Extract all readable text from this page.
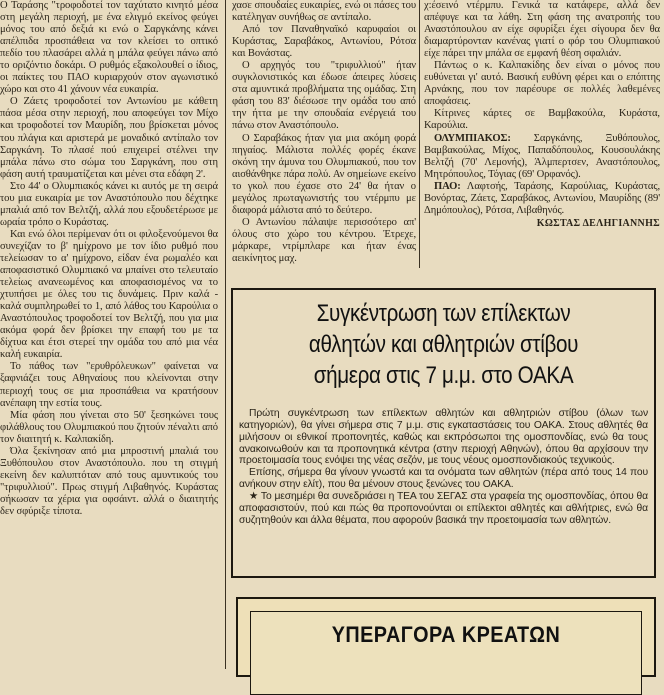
Ο Ταράσης "τροφοδοτεί τον ταχύτατο κινητό μέσα στη μεγάλη περιοχή, με ένα ελιγμό εκείνος φεύγει μόνος του από δεξιά κι ενώ ο Σαργκάνης κάνει απέλπιδα προσπάθεια να τον κλείσει το οπτικό πεδίο του πλασάρει αλλά η μπάλα φεύγει πάνω από το οριζόντιο δοκάρι. Ο ρυθμός εξακολουθεί ο ίδιος, οι παίκτες του ΠΑΟ κυριαρχούν στον αγωνιστικό χώρο και στο 41 χάνουν νέα ευκαιρία.

Ο Ζάετς τροφοδοτεί τον Αντωνίου με κάθετη πάσα μέσα στην περιοχή, που αποφεύγει τον Μίχο και τροφοδοτεί τον Μαυρίδη, που βρίσκεται μόνος του πλάγια και αριστερά με μοναδικό αντίπαλο τον Σαργκάνη. Το πλασέ πού επιχειρεί στέλνει την μπάλα πάνω στο σώμα του Σαργκάνη, που στη φάση αυτή τραυματίζεται και μένει στα εδάφη 2'.

Στο 44' ο Ολυμπιακός κάνει κι αυτός με τη σειρά του μια ευκαιρία με τον Αναστόπουλο που δέχτηκε μπαλιά από τον Βελτζή, αλλά που εξουδετέρωσε με ωραία τρόπο ο Κυράστας.

Και ενώ όλοι περίμεναν ότι οι φιλοξενούμενοι θα συνεχίζαν το β' ημίχρονο με τον ίδιο ρυθμό που τελείωσαν το α' ημίχρονο, είδαν ένα ρωμαλέο και αποφασιστικό Ολυμπιακό να μπαίνει στο τελευταίο τελείως ανανεωμένος και αποφασισμένος να το χτυπήσει με όλες του τις δυνάμεις. Πριν καλά - καλά συμπληρωθεί το 1, από λάθος του Καρούλια ο Αναστόπουλος τροφοδοτεί τον Βελτζή, που για μια ακόμα φορά δεν βρίσκει την επαφή του με τα δίχτυα και έτσι στερεί την ομάδα του από μια νέα καλή ευκαιρία.

Το πάθος των "ερυθρόλευκων" φαίνεται να ξαφνιάζει τους Αθηναίους που κλείνονται στην περιοχή τους σε μια προσπάθεια να κρατήσουν ανέπαφη την εστία τους.

Μία φάση που γίνεται στο 50' ξεσηκώνει τους φιλάθλους του Ολυμπιακού που ζητούν πέναλτι από τον διαιτητή κ. Καλπακίδη.

Όλα ξεκίνησαν από μια μπροστινή μπαλιά του Ξυθόπουλου στον Αναστόπουλο. που τη στιγμή εκείνη δεν καλυπτόταν από τους αμυντικούς του "τριφυλλιού". Πρως στιγμή Λιβαθηνός. Κυράστας σήκωσαν τα χέρια για οφσάιντ. αλλά ο διαιτητής δεν σφύριξε τίποτα.

χασε σπουδαίες ευκαιρίες, ενώ οι πάσες του κατέληγαν συνήθως σε αντίπαλο.

Από τον Παναθηναϊκό καρυφαίοι οι Κυράστας, Σαραβάκος, Αντωνίου, Ρότσα και Βονάστας.

Ο αρχηγός του "τριφυλλιού" ήταν συγκλονιστικός και έδωσε άπειρες λύσεις στα αμυντικά προβλήματα της ομάδας. Στη φάση του 83' διέσωσε την ομάδα του από την ήττα με την σπουδαία ενέργειά του πάνω στον Αναστόπουλο.

Ο Σαραβάκος ήταν για μια ακόμη φορά πηγαίος. Μάλιστα πολλές φορές έκανε σκόνη την άμυνα του Ολυμπιακού, που τον αισθάνθηκε πάρα πολύ. Αν σημείωνε εκείνο το γκολ που έχασε στο 24' θα ήταν ο μεγάλος πρωταγωνιστής του ντέρμπυ με διαφορά μάλιστα από το δεύτερο.

Ο Αντωνίου πάλαιψε περισσότερο απ' όλους στο χώρο του κέντρου. Έτρεχε, μάρκαρε, ντρίμπλαρε και ήταν ένας αεικίνητος μαχ.

χ:έσεινό ντέρμπυ. Γενικά τα κατάφερε, αλλά δεν απέφυγε και τα λάθη. Στη φάση της ανατροπής του Αναστόπουλου αν είχε σφυρίξει έχει σίγουρα δεν θα διαμαρτύρονταν κανένας γιατί ο φόρ του Ολυμπιακού είχε πάρει την μπάλα σε εμφανή θέση σφαλιάν.

Πάντως ο κ. Καλπακίδης δεν είναι ο μόνος που ευθύνεται γι' αυτό. Βασική ευθύνη φέρει και ο επόπτης Αρνάκης, που τον παρέσυρε σε πολλές λαθεμένες αποφάσεις.

Κίτρινες κάρτες σε Βαμβακούλα, Κυράστα, Καρούλια.

ΟΛΥΜΠΙΑΚΟΣ: Σαργκάνης, Ξυθόπουλος, Βαμβακούλας, Μίχος, Παπαδόπουλος, Κουσουλάκης Βελτζή (70' Λεμονής), Άλμπερτσεν, Αναστόπουλος, Μητρόπουλος, Τόγιας (69' Ορφανός).

ΠΑΟ: Λαφτσής, Ταράσης, Καρούλιας, Κυράστας, Βονόρτας, Ζάετς, Σαραβάκος, Αντωνίου, Μαυρίδης (89' Δημόπουλος), Ρότσα, Λιβαθηνός.

ΚΩΣΤΑΣ ΔΕΛΗΓΙΑΝΝΗΣ
Συγκέντρωση των επίλεκτων
αθλητών και αθλητριών στίβου
σήμερα στις 7 μ.μ. στο ΟΑΚΑ

Πρώτη συγκέντρωση των επίλεκτων αθλητών και αθλητριών στίβου (όλων των κατηγοριών), θα γίνει σήμερα στις 7 μ.μ. στις εγκαταστάσεις του ΟΑΚΑ. Στους αθλητές θα μιλήσουν οι εθνικοί προπονητές, καθώς και εκπρόσωποι της ομοσπονδίας, ενώ θα τους ανακοινωθούν και τα προπονητικά κέντρα (στην περιοχή Αθηνών), όπου θα αρχίσουν την προετοιμασία τους ενόψει της νέας σεζόν, με τους νέους ομοσπονδιακούς τεχνικούς.

Επίσης, σήμερα θα γίνουν γνωστά και τα ονόματα των αθλητών (πέρα από τους 14 που ανήκουν στην ελίτ), που θα μένουν στους ξενώνες του ΟΑΚΑ.

★ Το μεσημέρι θα συνεδριάσει η ΤΕΑ του ΣΕΓΑΣ στα γραφεία της ομοσπονδίας, όπου θα αποφασιστούν, πού και πώς θα προπονούνται οι επίλεκτοι αθλητές και αθλήτριες, ενώ θα συζητηθούν και άλλα θέματα, που αφορούν βασικά την προετοιμασία των αθλητών.

ΥΠΕΡΑΓΟΡΑ ΚΡΕΑΤΩΝ
